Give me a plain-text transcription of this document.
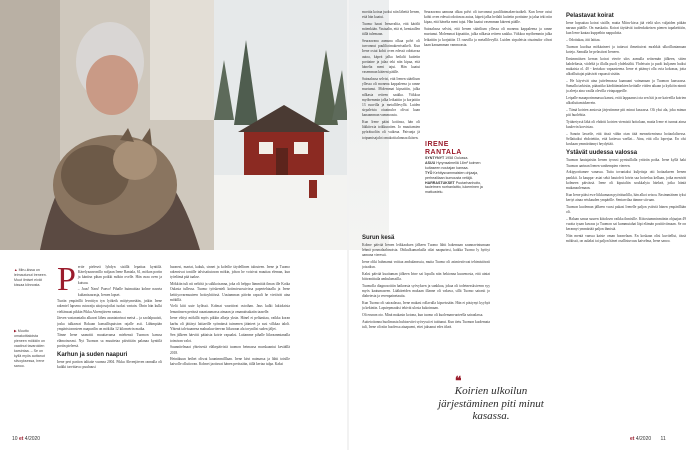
▲ Miru-kissa on leimautunut Ireneen. Muut ilmiset eivät kissaa kiinnosta.
▶ Muutto omakotitaloista pieneen mökkiin on vaatinut tavaroiden karsintaa. – Se on kyllä myös auttanut siivoyksessa, Irene sanoo.
P ertie pieleseä lyhdyn sisällä lepattaa kynttilä. Kärelyaauvonillo noljaan Irene Rantala, 61, mökon portin ja käntisn pihan poikki mökin ovelle. Hän avaa oven ja kutsuu.

– Juus! Naru! Paavo! Pihalle huimaittaa kolme nauvta kultanisaarasja, Irenen lapset.

Tuotin ympärillä levottiyn tyn lyökeik mäiytymetään, jotkin Irene rakentel lapsena ostavatja aitojosojoiksi tuoksi vartain. Ölnin hän kulki vieliänsaai pikkin Pikku Ahvenjärven rantaa.

Järven vastarantalta alkavat läheu asuntatorinat metsä – ja saolalpuuisti, joska tulkaavat Rokaan kansallispuiston rajalle asti. Lähimpään ympäristoonsteen naapurilin on mökilta 12 kilometrin matka.

Tänne Irene saanottti muuttavansa miehensä Tuomon kanssa elämoinosmi. Nyt Tuomon sa muuttetaa päivittäin palanaa kynttilä portin pieleesä.

Karhun ja suden naapuri

Irene peri pariton talitaäe vuonna 2004. Pikku Ahvenjärven rannalla oli kuikki tarvittava: puuhuusi

huonesi, martat, kakuk, sinnet ja koleilte täydellinen talouteen. Irene ja Tuomo rakensivat tontille talvisatiutavan mökin, johon he voisivat muuttaa eleman, kun työelämä pää taakse.

Mökkiin tuli nii neliötä ja salkkoisanna, joka oli helppo lämmitää ilman ille Kotka Oulasta tullessa. Tuomo työskenteli kotimivuossivissa papertehtaalla ja Irene keittiyovarmuuteen hoitoyhtiössä. Uusiamman päivän rapsalt he viettivät aina mökillä.

Vielä kiiti uute kylässä. Kolmat vaurttivat ostoihan. Jaus kulki lukiolaisia lenuntinsen perässä raaastaamassa aimaan ja omanaitsakatin taaselle.

Irene vihtyi mökillä myös pikkin alkeja yksin. Hänel ei peläasttaa, vaikka koran karhu oli jättäsyt lattiaeille syömänsä tuimenen jäänteet ja susi vilkkaa talolt. Yhtenä talvisaanena mahuskuviteevan liikuvaan ala torynilist suden jäljet.

Sen jälkeen härvitti pääaista koirie vapaaksi. Laitamme pihalle liikeaanmtanalla toimivan valot.

Suunnitelmaat yhteisestä eläkepäivistä tuomon betmassa murskaantui keväällä 2018.

Heinäkuun beihet oliwat kaunimmilllaan. Irene kävi naimassa ja lähti toisille kaivolle ollutiovan. Kolmet jaottavat hänen perässään, tällä kertaa tulpa. Kaksi

morttia koiraa juoksi niin lähettä Irenen, että hän kaatui.

Tuomo hausi Irenavaltia, että kärälit mitenkään. Vastaalin, että ei, kemiaallen tällä tulemaan.

Seuraavana aamuna olkaa polvi oli turvonnut pauliltoimakerrisaikelt. Kun Irene ostui kohti oven edessä odottavaa autoa, käpeä jalka hetlalti kuitetin porttaine ja jalaa teki niin kipaa, että hänelta meni tajui. Hän kaatui vasemman käteeni päälle.

Sairaalassa selvisi, että Irenen säärilium yllessa oli monena kappaleena ja ranne murtunut. Molemmat kipsattiin, jalka nilkasta reiteen saakka. Viikkoa myöhemmin jalka leikattiin ja korjattiin 13 ruuvilla ja metallilevyllä. Luiden sirpaleista oiuatnulor olivat kaan kanaamman vammoasta.

Kun Irene pääsi kotiinsa, hän oli läkkitexia toikkuraiten. Jo muuttamien pyörätuoliin oli vaikeaa. Paivanja jä toipumisajalot omakotitalonnaa ikäsen.

Seuraavana aamuna olkaa polvi oli turvonnut pauliltoimakerrisaikelt. Kun Irene ostui kohti oven edessä odottavaa autoa, käpeä jalka hetlalti kuitetin porttaine ja jalaa teki niin kipaa, että hänelta meni tajui. Hän kaatui vasemman käteeni päälle.

Sairaalassa selvisi, että Irenen säärilium yllessa oli monena kappaleena ja ranne murtunut. Molemmat kipsattiin, jalka nilkasta reiteen saakka. Viikkoa myöhemmin jalka leikattiin ja korjattiin 13 ruuvilla ja metallilevyllä. Luiden sirpaleista oiuatnulor olivat kaan kanaamman vammoasta.

Surun kesä

Kolme päivää Irenen leikkauksen jälkeen Tuomo lähti hakemaan saunnavintumaan lehmä posmalaalunoista. Ohikulkumarkalla oilat naapurinsi, kaikka Tuomo ly hyötyi aamuna vieressä.

Irene oliki hahmanut voittaa ambulansssia, mutta Tuomo oli asimiestivoat tehtmistävaii joisatksn.

Kaksi päivää kuaituman jälkeen Irine sai lopulla niin hekionna kuuvmosta, että ainiat bittvanittaila ambulanssilla.

Tuomolla diagnosoitiin haikeasta syövyksen ja sunkkua, jokaa oli todetnessksivenn syy myös kaatumaseen. Lääkäreiden mukaan illanne oli vakava, sillä Tuomo sairasti jo diabetesta ja verenpainetautia.

Kun Tuomo oli sairaalassa, Irene makasi rollavalla kipseissään. Hän ei pästynyt kyyhyä ja kekintin. Lapsiepmauksi tekivät ulosta kukoimaan.

Oli erunon oto. Minä makasin kotona, kun tuomo oli kuolemanvuoteella sairaalassa.

Auttetoitonna huolimasta huhtoovitei syövyssä ei taittunut. Kun tietu Tuomon kuolemata tuli, Irene oli niin huolessa aiaapuent, ettei jaksanut edes itkeä.

IRENE
RANTALA
SYNTYNYT 1958 Oulussa.
ASUU Hyrynsalmellä 18m² kolmen kultaseen noutajan kanssa.
TYÖ Kehitysvammaisten ohjaaja, perhealilaan kumousta vetäjä.
HARRASTUKSET Puutarhanhoito, tauletmen norhanlaitto, lukeminen ja matkustelu.
Pelastavat koirat

Irene hopsaitaa koirat sisälle, mutta Miiru-kissa jää vielä ulos valjaiden pitkän naruun pääille. On maskaiia. Koirat täyttävät tuolenkokeisen pienen tupakeittiön, kun Irene kaataa kuppeihin nappuloita.

– Odottakaa, äiti laittaa.

Tuomon kuoltua mökäaineet ja tuttavat ihmettuivat mrahkiä ulkoilluntamaan koteja. Samalla he pelastivat Ireneen.

Ensimmäisen kerran koirat vieröe ulos aamulla seitsemän jälkeen, sitten kahdeltasta, viideltä ja illalla puoli yhdeksältä. Yhdeissin ja puoli kuljanen huiksi mukaisia ol. 40 - kertakoo vapaasteena. Irene ei pitämyt olla ovia kokonaa, jotta ulkoilluttajat pääsivät vapaasti sisään.

– He käyvivät aina juttelemassa kaanuani vaimanaan ja Tuomon kanssassa. Samalla tarkistin, pääastiko kärdiäiminkten keittalle viiden aikaan ja kytköin ninnit ja aleeja aina vaalla olevilla virtapappeille.

Leipalle maaaporimmassa kansst, eräit lappaanssi ota sen häi ja ne kaiveilla koirien ulkoiluttamiskerrein.

– Tämä koirien ansiosta järjestimme piti minut kassassa. Oli yksi ala, joka minun piti huolehtia.

Tyttäreiyssä läkä oli ehdotti koirien viemistä hoitolaan, mutta Irene ei tunnut ainsa kuulevin korvistaa.

– Sanoin lasseile, että tässä vähin otan tätä mensrtirenisma hoitaolalisessa. Sellaitaiksi ehdotettiin, että kotiessa vaellat... Aina, että olla loperjaa. En olsi koskaan ymmärtännyt heydyttää.

Ystävät uudessa valossa

Tuomon hautajaisiin Irenen tyrossi pyrstuillalla yrtäriin poika. Irene kyllä haki Tuomon aarinan Irenen vanhempien viereen.

Arkipyoritamee vanassa. Tutta tovaniaksi kuljettaja otti hoitaakseen Irenen pankkit. Ja kauppa- asiat sekä hautofeit loivin saa hoivelua kellaan, jotka menivät kolmeen päivässä. Irene oli kiputaltin soukkalyta häekeä, jotka häntä mukanaolemaan.

Kun Irene pääsi ewe liikkumaan pyörätuolilla, hän alkoi seisoa. Ensimmäinen tyksi kertyi ainaa reiskauden ympärille. Sentarvilaa tämme siivuan.

Tuomon kuoleman jälkeen vuosi pakasi Irenelle paljon ystäviä hänen ympärillään oli.

– Halaan sanoa suuren kiitoksen vaikka ihmisille. Kiitostumminmiinin ohjaajan 49 vuotta tyaan kuvaus ja Tuomon sai kummutahat läpi elämän positiiviimaan. Se on kerannyt ymmärtää paljon ihmistä.

Niin mentä vanssa kaiste oman hoonelaan. En koskaan olisi kuvitellut, tässä mökissä, on aulaksi tai paljon hänet osallistuvuus kaivelma, Irene sanoo.

❝
Koirien ulkoilun järjestäminen piti minut kasassa.
10 et 4/2020	et 4/2020 11
